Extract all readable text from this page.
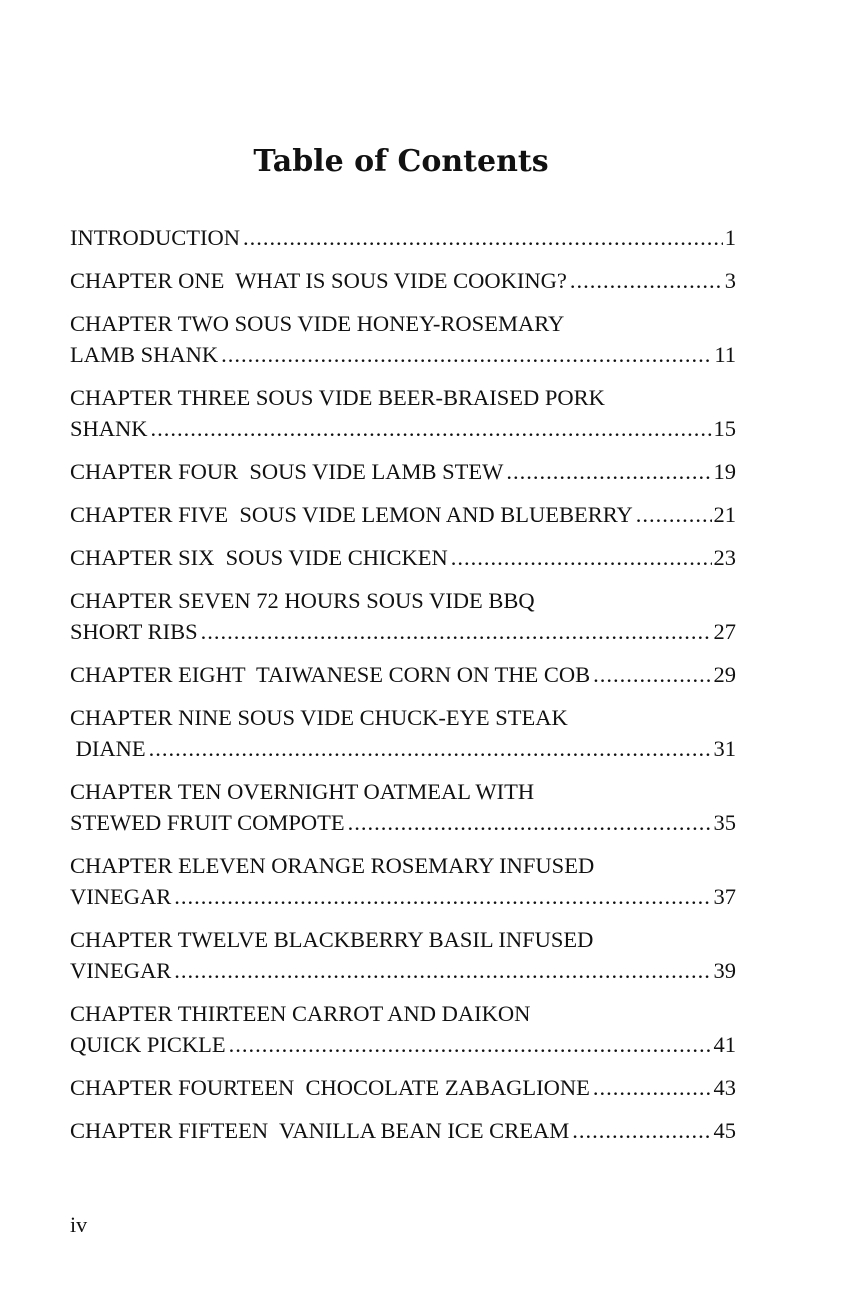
Table of Contents
INTRODUCTION .....	1
CHAPTER ONE  WHAT IS SOUS VIDE COOKING? .....	3
CHAPTER TWO SOUS VIDE HONEY-ROSEMARY
LAMB SHANK .....	11
CHAPTER THREE SOUS VIDE BEER-BRAISED PORK
SHANK .....	15
CHAPTER FOUR  SOUS VIDE LAMB STEW .....	19
CHAPTER FIVE  SOUS VIDE LEMON AND BLUEBERRY .....	21
CHAPTER SIX  SOUS VIDE CHICKEN .....	23
CHAPTER SEVEN 72 HOURS SOUS VIDE BBQ
SHORT RIBS .....	27
CHAPTER EIGHT  TAIWANESE CORN ON THE COB .....	29
CHAPTER NINE SOUS VIDE CHUCK-EYE STEAK
DIANE .....	31
CHAPTER TEN OVERNIGHT OATMEAL WITH
STEWED FRUIT COMPOTE .....	35
CHAPTER ELEVEN ORANGE ROSEMARY INFUSED
VINEGAR .....	37
CHAPTER TWELVE BLACKBERRY BASIL INFUSED
VINEGAR .....	39
CHAPTER THIRTEEN CARROT AND DAIKON
QUICK PICKLE .....	41
CHAPTER FOURTEEN  CHOCOLATE ZABAGLIONE .....	43
CHAPTER FIFTEEN  VANILLA BEAN ICE CREAM .....	45
iv
